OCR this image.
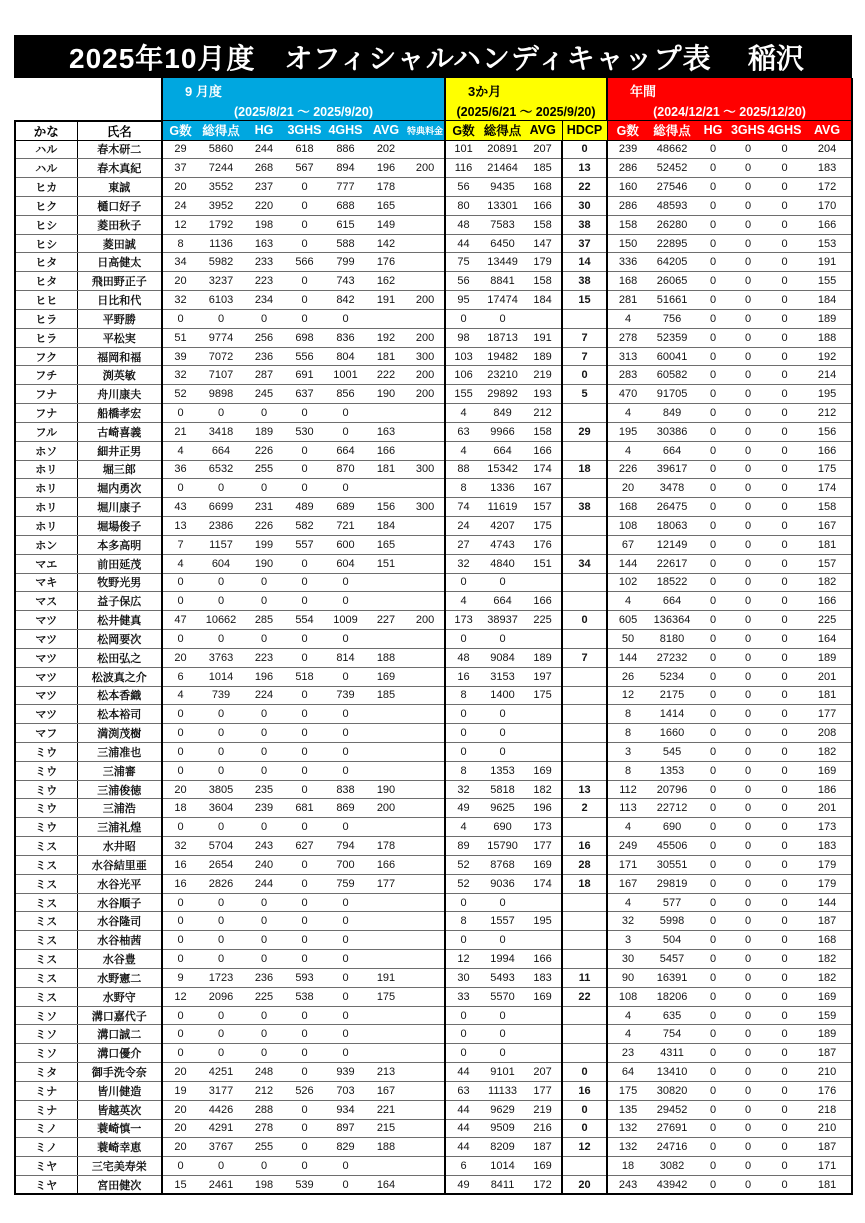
2025年10月度　オフィシャルハンディキャップ表 稲沢

9 月度
(2025/8/21 ～ 2025/9/20)

3か月
(2025/6/21 ～ 2025/9/20)

年間
(2024/12/21 ～ 2025/12/20)

かな	氏名	G数	総得点	HG	3GHS	4GHS	AVG	特典料金	G数	総得点	AVG	HDCP	G数	総得点	HG	3GHS	4GHS	AVG
ハル	春木研二	29	5860	244	618	886	202		101	20891	207	0	239	48662	0	0	0	204
ハル	春木真紀	37	7244	268	567	894	196	200	116	21464	185	13	286	52452	0	0	0	183
ヒカ	東誠	20	3552	237	0	777	178		56	9435	168	22	160	27546	0	0	0	172
ヒク	樋口好子	24	3952	220	0	688	165		80	13301	166	30	286	48593	0	0	0	170
ヒシ	菱田秋子	12	1792	198	0	615	149		48	7583	158	38	158	26280	0	0	0	166
ヒシ	菱田誠	8	1136	163	0	588	142		44	6450	147	37	150	22895	0	0	0	153
ヒタ	日高健太	34	5982	233	566	799	176		75	13449	179	14	336	64205	0	0	0	191
ヒタ	飛田野正子	20	3237	223	0	743	162		56	8841	158	38	168	26065	0	0	0	155
ヒヒ	日比和代	32	6103	234	0	842	191	200	95	17474	184	15	281	51661	0	0	0	184
ヒラ	平野勝	0	0	0	0	0			0	0			4	756	0	0	0	189
ヒラ	平松実	51	9774	256	698	836	192	200	98	18713	191	7	278	52359	0	0	0	188
フク	福岡和福	39	7072	236	556	804	181	300	103	19482	189	7	313	60041	0	0	0	192
フチ	渕英敏	32	7107	287	691	1001	222	200	106	23210	219	0	283	60582	0	0	0	214
フナ	舟川康夫	52	9898	245	637	856	190	200	155	29892	193	5	470	91705	0	0	0	195
フナ	船橋孝宏	0	0	0	0	0			4	849	212		4	849	0	0	0	212
フル	古崎喜義	21	3418	189	530	0	163		63	9966	158	29	195	30386	0	0	0	156
ホソ	細井正男	4	664	226	0	664	166		4	664	166		4	664	0	0	0	166
ホリ	堀三郎	36	6532	255	0	870	181	300	88	15342	174	18	226	39617	0	0	0	175
ホリ	堀内勇次	0	0	0	0	0			8	1336	167		20	3478	0	0	0	174
ホリ	堀川康子	43	6699	231	489	689	156	300	74	11619	157	38	168	26475	0	0	0	158
ホリ	堀場俊子	13	2386	226	582	721	184		24	4207	175		108	18063	0	0	0	167
ホン	本多高明	7	1157	199	557	600	165		27	4743	176		67	12149	0	0	0	181
マエ	前田延茂	4	604	190	0	604	151		32	4840	151	34	144	22617	0	0	0	157
マキ	牧野光男	0	0	0	0	0			0	0			102	18522	0	0	0	182
マス	益子保広	0	0	0	0	0			4	664	166		4	664	0	0	0	166
マツ	松井健真	47	10662	285	554	1009	227	200	173	38937	225	0	605	136364	0	0	0	225
マツ	松岡要次	0	0	0	0	0			0	0			50	8180	0	0	0	164
マツ	松田弘之	20	3763	223	0	814	188		48	9084	189	7	144	27232	0	0	0	189
マツ	松波真之介	6	1014	196	518	0	169		16	3153	197		26	5234	0	0	0	201
マツ	松本香織	4	739	224	0	739	185		8	1400	175		12	2175	0	0	0	181
マツ	松本裕司	0	0	0	0	0			0	0			8	1414	0	0	0	177
マフ	満渕茂樹	0	0	0	0	0			0	0			8	1660	0	0	0	208
ミウ	三浦准也	0	0	0	0	0			0	0			3	545	0	0	0	182
ミウ	三浦審	0	0	0	0	0			8	1353	169		8	1353	0	0	0	169
ミウ	三浦俊徳	20	3805	235	0	838	190		32	5818	182	13	112	20796	0	0	0	186
ミウ	三浦浩	18	3604	239	681	869	200		49	9625	196	2	113	22712	0	0	0	201
ミウ	三浦礼煌	0	0	0	0	0			4	690	173		4	690	0	0	0	173
ミス	水井昭	32	5704	243	627	794	178		89	15790	177	16	249	45506	0	0	0	183
ミス	水谷結里亜	16	2654	240	0	700	166		52	8768	169	28	171	30551	0	0	0	179
ミス	水谷光平	16	2826	244	0	759	177		52	9036	174	18	167	29819	0	0	0	179
ミス	水谷順子	0	0	0	0	0			0	0			4	577	0	0	0	144
ミス	水谷隆司	0	0	0	0	0			8	1557	195		32	5998	0	0	0	187
ミス	水谷柚茜	0	0	0	0	0			0	0			3	504	0	0	0	168
ミス	水谷豊	0	0	0	0	0			12	1994	166		30	5457	0	0	0	182
ミス	水野憲二	9	1723	236	593	0	191		30	5493	183	11	90	16391	0	0	0	182
ミス	水野守	12	2096	225	538	0	175		33	5570	169	22	108	18206	0	0	0	169
ミソ	溝口嘉代子	0	0	0	0	0			0	0			4	635	0	0	0	159
ミソ	溝口誠二	0	0	0	0	0			0	0			4	754	0	0	0	189
ミソ	溝口優介	0	0	0	0	0			0	0			23	4311	0	0	0	187
ミタ	御手洗令奈	20	4251	248	0	939	213		44	9101	207	0	64	13410	0	0	0	210
ミナ	皆川健造	19	3177	212	526	703	167		63	11133	177	16	175	30820	0	0	0	176
ミナ	皆越英次	20	4426	288	0	934	221		44	9629	219	0	135	29452	0	0	0	218
ミノ	蓑崎慎一	20	4291	278	0	897	215		44	9509	216	0	132	27691	0	0	0	210
ミノ	蓑崎幸恵	20	3767	255	0	829	188		44	8209	187	12	132	24716	0	0	0	187
ミヤ	三宅美寿栄	0	0	0	0	0			6	1014	169		18	3082	0	0	0	171
ミヤ	宮田健次	15	2461	198	539	0	164		49	8411	172	20	243	43942	0	0	0	181
